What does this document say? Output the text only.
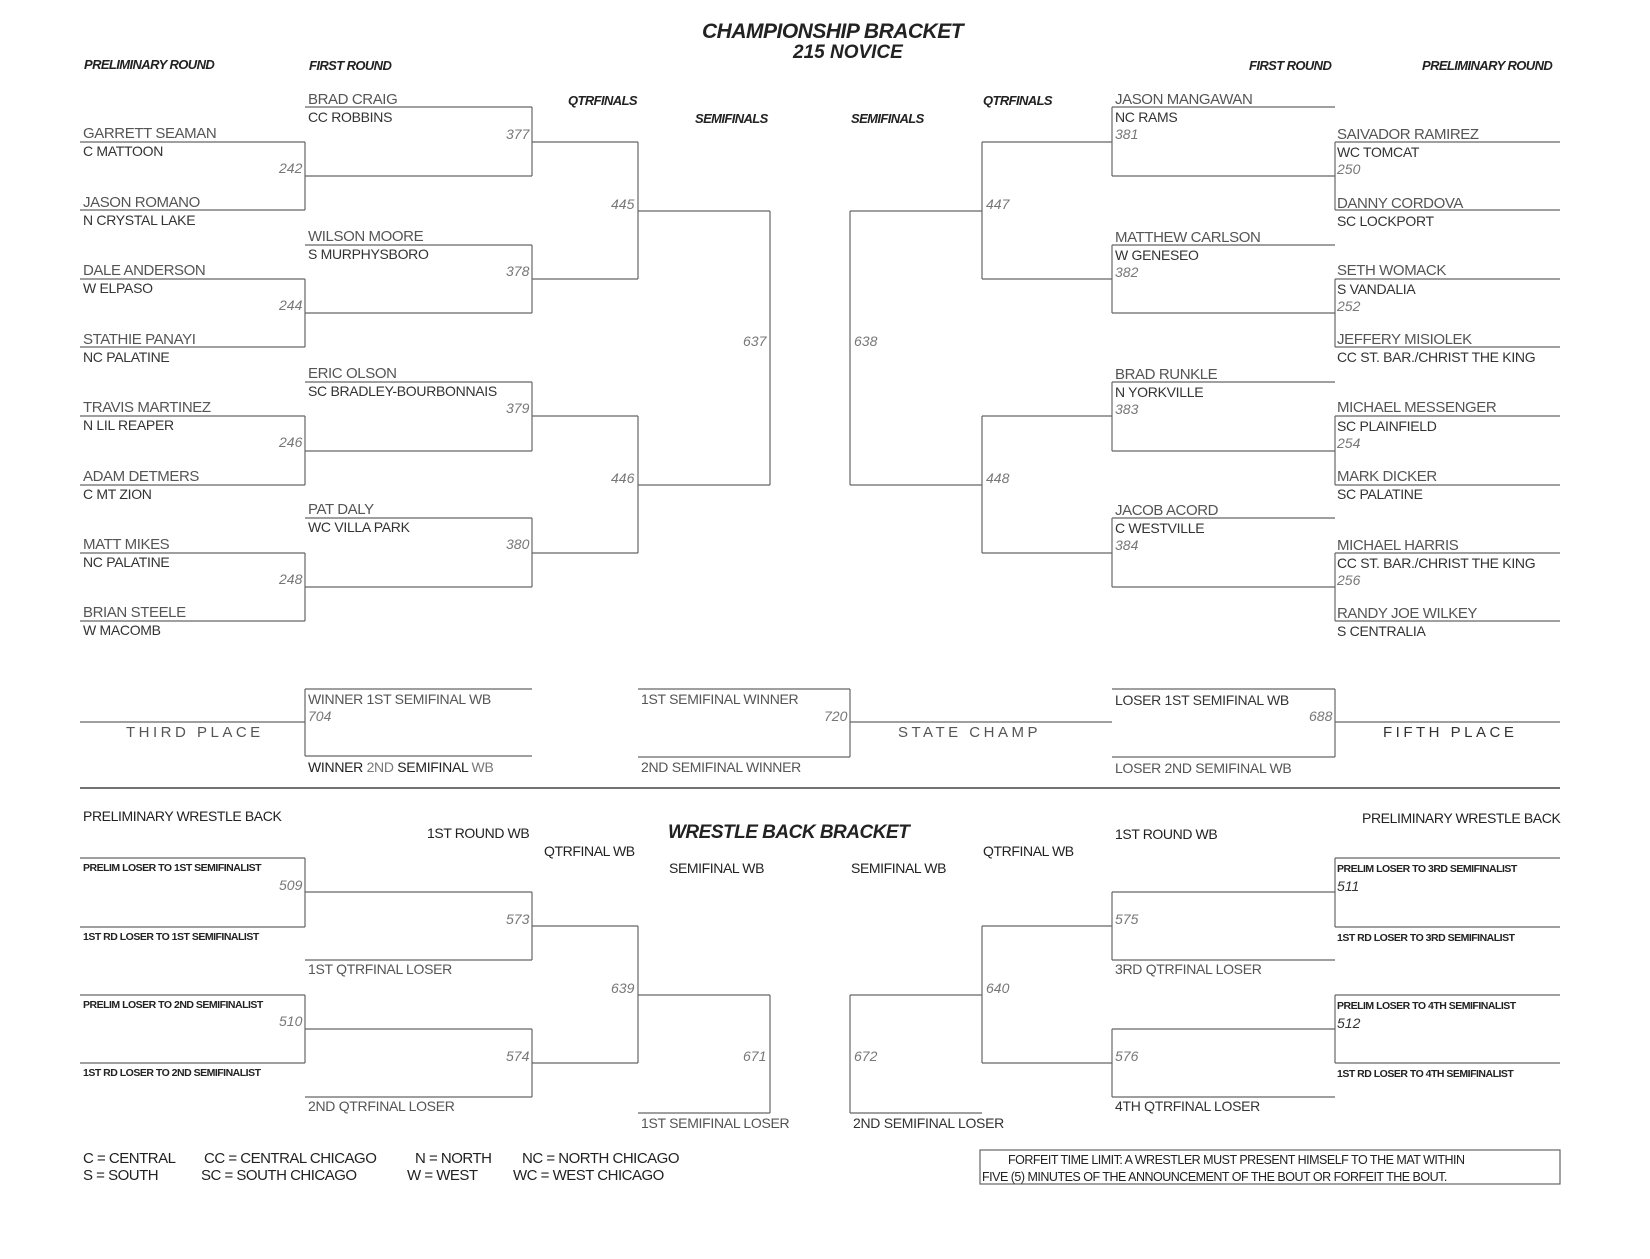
CHAMPIONSHIP BRACKET
215 NOVICE
PRELIMINARY ROUND	FIRST ROUND
QTRFINALS
SEMIFINALS	SEMIFINALS
QTRFINALS
FIRST ROUND	PRELIMINARY ROUND
GARRETT SEAMAN
C MATTOON
242
JASON ROMANO
N CRYSTAL LAKE
DALE ANDERSON
W ELPASO
244
STATHIE PANAYI
NC PALATINE
TRAVIS MARTINEZ
N LIL REAPER
246
ADAM DETMERS
C MT ZION
MATT MIKES
NC PALATINE
248
BRIAN STEELE
W MACOMB
BRAD CRAIG
CC ROBBINS
377
WILSON MOORE
S MURPHYSBORO
378
ERIC OLSON
SC BRADLEY-BOURBONNAIS
379
PAT DALY
WC VILLA PARK
380
445
446
637	638
447
448
JASON MANGAWAN
NC RAMS
381
MATTHEW CARLSON
W GENESEO
382
BRAD RUNKLE
N YORKVILLE
383
JACOB ACORD
C WESTVILLE
384
SAIVADOR RAMIREZ
WC TOMCAT
250
DANNY CORDOVA
SC LOCKPORT
SETH WOMACK
S VANDALIA
252
JEFFERY MISIOLEK
CC ST. BAR./CHRIST THE KING
MICHAEL MESSENGER
SC PLAINFIELD
254
MARK DICKER
SC PALATINE
MICHAEL HARRIS
CC ST. BAR./CHRIST THE KING
256
RANDY JOE WILKEY
S CENTRALIA
THIRD PLACE
WINNER 1ST SEMIFINAL WB
704
WINNER 2ND SEMIFINAL WB
1ST SEMIFINAL WINNER
720
2ND SEMIFINAL WINNER
STATE CHAMP
LOSER 1ST SEMIFINAL WB
688
LOSER 2ND SEMIFINAL WB
FIFTH PLACE
WRESTLE BACK BRACKET
PRELIMINARY WRESTLE BACK	PRELIMINARY WRESTLE BACK
1ST ROUND WB	1ST ROUND WB
QTRFINAL WB	QTRFINAL WB
SEMIFINAL WB	SEMIFINAL WB
PRELIM LOSER TO 1ST SEMIFINALIST
509
1ST RD LOSER TO 1ST SEMIFINALIST
PRELIM LOSER TO 2ND SEMIFINALIST
510
1ST RD LOSER TO 2ND SEMIFINALIST
573
1ST QTRFINAL LOSER
574
2ND QTRFINAL LOSER
639
671
1ST SEMIFINAL LOSER
672
2ND SEMIFINAL LOSER
640
575
3RD QTRFINAL LOSER
576
4TH QTRFINAL LOSER
PRELIM LOSER TO 3RD SEMIFINALIST
511
1ST RD LOSER TO 3RD SEMIFINALIST
PRELIM LOSER TO 4TH SEMIFINALIST
512
1ST RD LOSER TO 4TH SEMIFINALIST
C = CENTRAL CC = CENTRAL CHICAGO	N = NORTH NC = NORTH CHICAGO
S = SOUTH	SC = SOUTH CHICAGO	W = WEST WC = WEST CHICAGO
FORFEIT TIME LIMIT: A WRESTLER MUST PRESENT HIMSELF TO THE MAT WITHIN
FIVE (5) MINUTES OF THE ANNOUNCEMENT OF THE BOUT OR FORFEIT THE BOUT.
